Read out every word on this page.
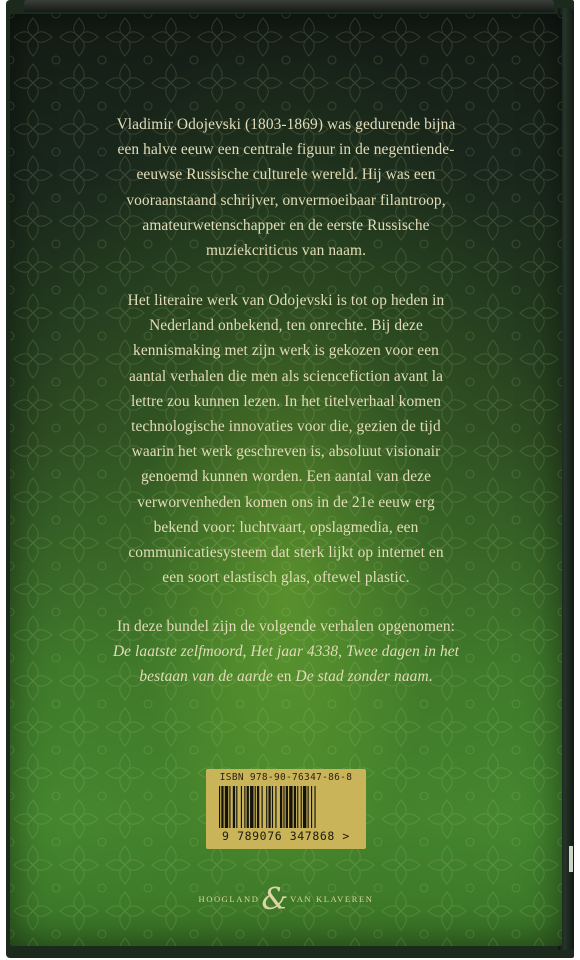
Vladimir Odojevski (1803-1869) was gedurende bijna
een halve eeuw een centrale figuur in de negentiende-
eeuwse Russische culturele wereld. Hij was een
vooraanstaand schrijver, onvermoeibaar filantroop,
amateurwetenschapper en de eerste Russische
muziekcriticus van naam.
Het literaire werk van Odojevski is tot op heden in
Nederland onbekend, ten onrechte. Bij deze
kennismaking met zijn werk is gekozen voor een
aantal verhalen die men als sciencefiction avant la
lettre zou kunnen lezen. In het titelverhaal komen
technologische innovaties voor die, gezien de tijd
waarin het werk geschreven is, absoluut visionair
genoemd kunnen worden. Een aantal van deze
verworvenheden komen ons in de 21e eeuw erg
bekend voor: luchtvaart, opslagmedia, een
communicatiesysteem dat sterk lijkt op internet en
een soort elastisch glas, oftewel plastic.
In deze bundel zijn de volgende verhalen opgenomen:
De laatste zelfmoord, Het jaar 4338, Twee dagen in het
bestaan van de aarde en De stad zonder naam.
ISBN 978-90-76347-86-8
9 789076 347868 >
HOOGLAND & VAN KLAVEREN
